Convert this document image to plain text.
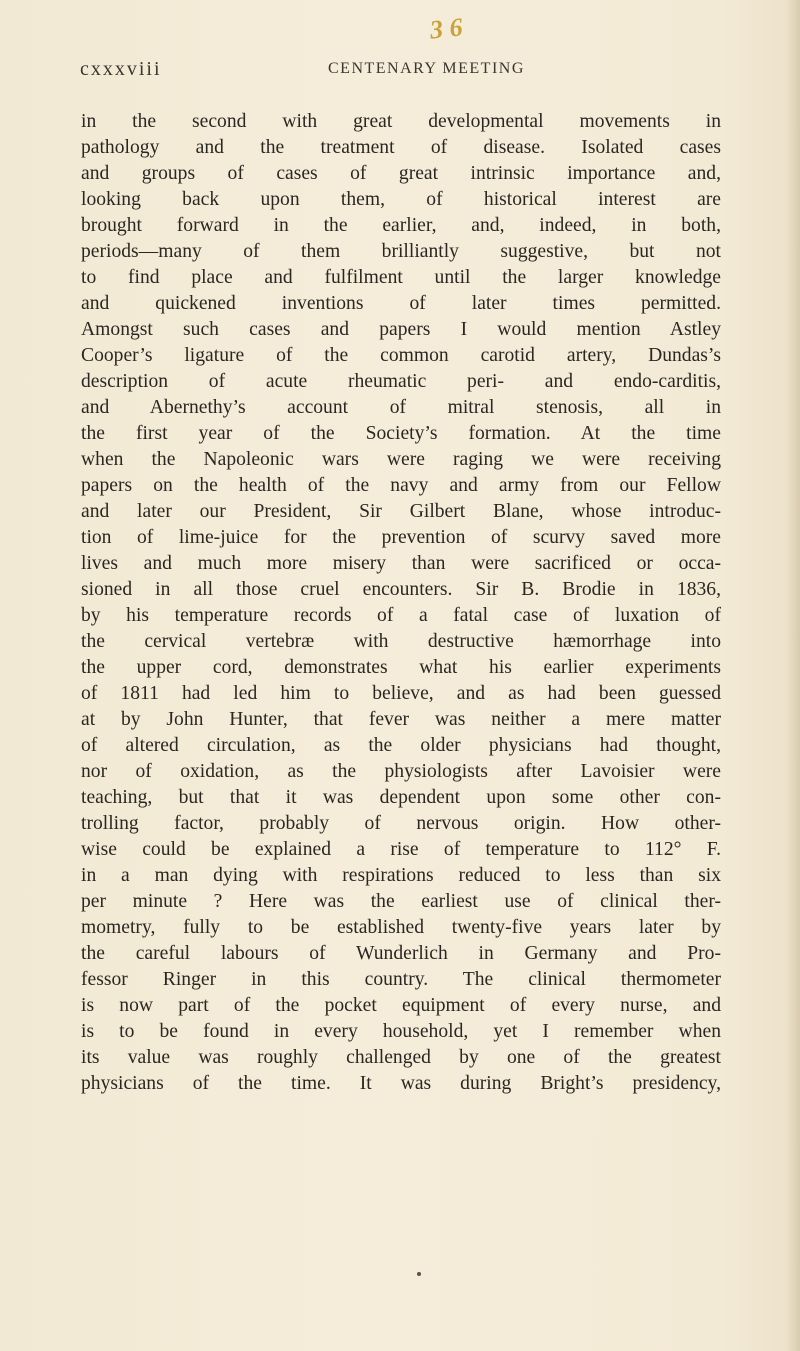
3 6
cxxxviii	CENTENARY MEETING
in the second with great developmental movements in
pathology and the treatment of disease. Isolated cases
and groups of cases of great intrinsic importance and,
looking back upon them, of historical interest are
brought forward in the earlier, and, indeed, in both,
periods—many of them brilliantly suggestive, but not
to find place and fulfilment until the larger knowledge
and quickened inventions of later times permitted.
Amongst such cases and papers I would mention Astley
Cooper’s ligature of the common carotid artery, Dundas’s
description of acute rheumatic peri- and endo-carditis,
and Abernethy’s account of mitral stenosis, all in
the first year of the Society’s formation. At the time
when the Napoleonic wars were raging we were receiving
papers on the health of the navy and army from our Fellow
and later our President, Sir Gilbert Blane, whose introduc-
tion of lime-juice for the prevention of scurvy saved more
lives and much more misery than were sacrificed or occa-
sioned in all those cruel encounters. Sir B. Brodie in 1836,
by his temperature records of a fatal case of luxation of
the cervical vertebræ with destructive hæmorrhage into
the upper cord, demonstrates what his earlier experiments
of 1811 had led him to believe, and as had been guessed
at by John Hunter, that fever was neither a mere matter
of altered circulation, as the older physicians had thought,
nor of oxidation, as the physiologists after Lavoisier were
teaching, but that it was dependent upon some other con-
trolling factor, probably of nervous origin. How other-
wise could be explained a rise of temperature to 112° F.
in a man dying with respirations reduced to less than six
per minute ? Here was the earliest use of clinical ther-
mometry, fully to be established twenty-five years later by
the careful labours of Wunderlich in Germany and Pro-
fessor Ringer in this country. The clinical thermometer
is now part of the pocket equipment of every nurse, and
is to be found in every household, yet I remember when
its value was roughly challenged by one of the greatest
physicians of the time. It was during Bright’s presidency,
